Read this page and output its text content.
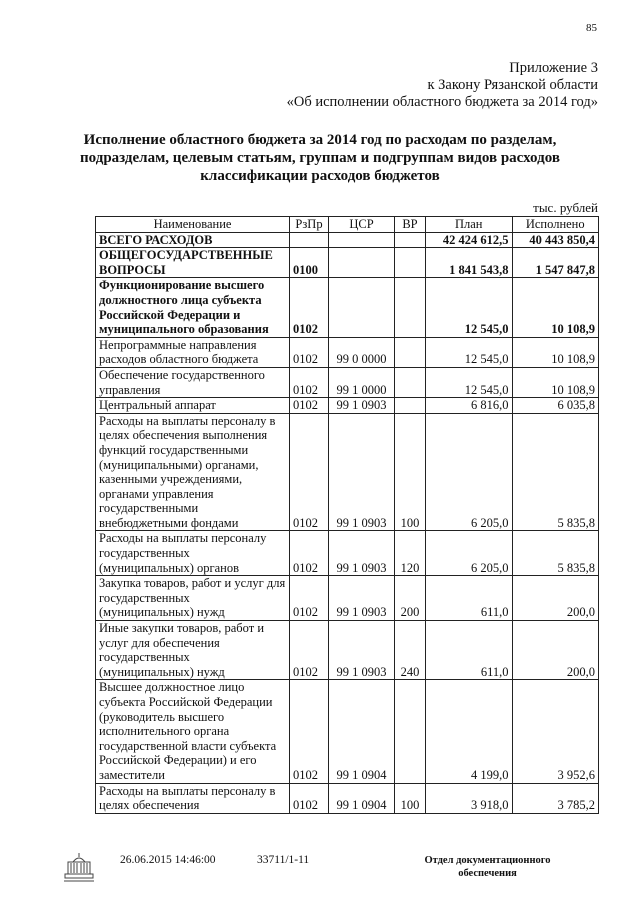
85
Приложение 3
к Закону Рязанской области
«Об исполнении областного бюджета за 2014 год»
Исполнение областного бюджета за 2014 год по расходам по разделам, подразделам, целевым статьям, группам и подгруппам видов расходов классификации расходов бюджетов
тыс. рублей
Наименование	РзПр	ЦСР	ВР	План	Исполнено
ВСЕГО РАСХОДОВ				42 424 612,5	40 443 850,4
ОБЩЕГОСУДАРСТВЕННЫЕ ВОПРОСЫ	0100			1 841 543,8	1 547 847,8
Функционирование высшего должностного лица субъекта Российской Федерации и муниципального образования	0102			12 545,0	10 108,9
Непрограммные направления расходов областного бюджета	0102	99 0 0000		12 545,0	10 108,9
Обеспечение государственного управления	0102	99 1 0000		12 545,0	10 108,9
Центральный аппарат	0102	99 1 0903		6 816,0	6 035,8
Расходы на выплаты персоналу в целях обеспечения выполнения функций государственными (муниципальными) органами, казенными учреждениями, органами управления государственными внебюджетными фондами	0102	99 1 0903	100	6 205,0	5 835,8
Расходы на выплаты персоналу государственных (муниципальных) органов	0102	99 1 0903	120	6 205,0	5 835,8
Закупка товаров, работ и услуг для государственных (муниципальных) нужд	0102	99 1 0903	200	611,0	200,0
Иные закупки товаров, работ и услуг для обеспечения государственных (муниципальных) нужд	0102	99 1 0903	240	611,0	200,0
Высшее должностное лицо субъекта Российской Федерации (руководитель высшего исполнительного органа государственной власти субъекта Российской Федерации) и его заместители	0102	99 1 0904		4 199,0	3 952,6
Расходы на выплаты персоналу в целях обеспечения	0102	99 1 0904	100	3 918,0	3 785,2
26.06.2015 14:46:00	33711/1-11	Отдел документационного обеспечения
